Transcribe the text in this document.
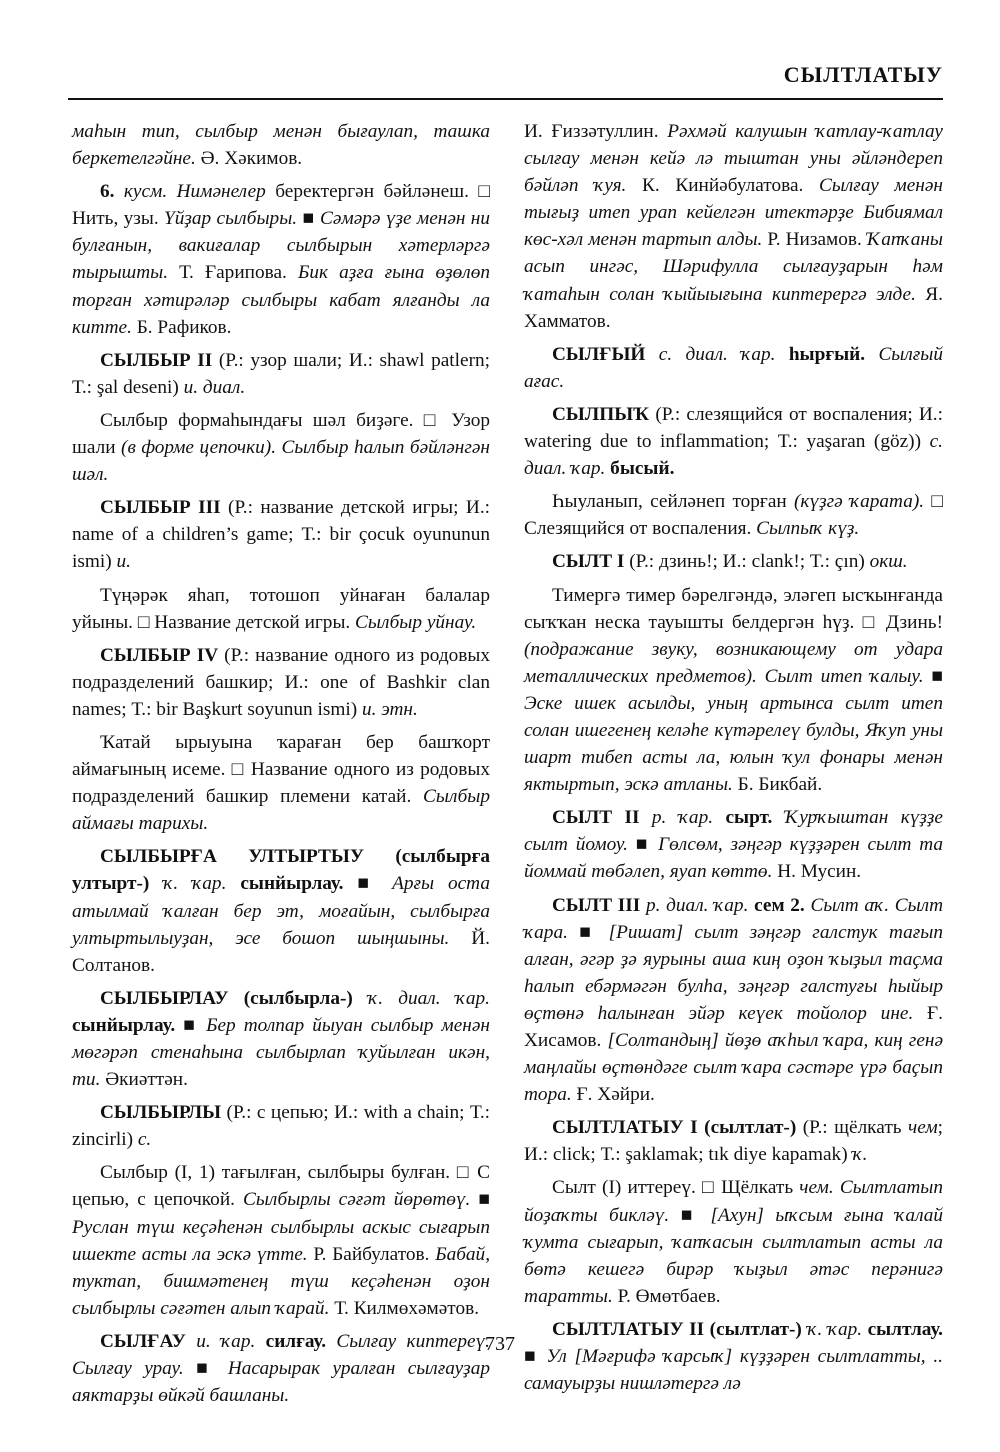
СЫЛТЛАТЫУ

маһын тип, сылбыр менән бығаулап, ташка беркетелгәйне. Ә. Хәкимов.

6. кусм. Нимәнелер беректергән бәйләнеш. □ Нить, узы. Үйҙар сылбыры. ■ Сәмәрә үҙе менән ни булғанын, вакиғалар сылбырын хәтерләргә тырышты. Т. Ғарипова. Бик аҙға ғына өҙөлөп торған хәтирәләр сылбыры кабат ялғанды ла китте. Б. Рафиков.

СЫЛБЫР II (Р.: узор шали; И.: shawl patlern; Т.: şal deseni) и. диал.

Сылбыр формаһындағы шәл биҙәге. □ Узор шали (в форме цепочки). Сылбыр һалып бәйләнгән шәл.

СЫЛБЫР III (Р.: название детской игры; И.: name of a children’s game; Т.: bir çocuk oyununun ismi) и.

Түңәрәк яһап, тотошоп уйнаған балалар уйыны. □ Название детской игры. Сылбыр уйнау.

СЫЛБЫР IV (Р.: название одного из родовых подразделений башкир; И.: one of Bashkir clan names; Т.: bir Başkurt soyunun ismi) и. этн.

Ҡатай ырыуына ҡараған бер башҡорт аймағының исеме. □ Название одного из родовых подразделений башкир племени катай. Сылбыр аймағы тарихы.

СЫЛБЫРҒА УЛТЫРТЫУ (сылбырға ултырт-) ҡ. ҡар. сынйырлау. ■ Арғы оста атылмай ҡалған бер эт, моғайын, сылбырға ултыртылыуҙан, эсе бошоп шыңшыны. Й. Солтанов.

СЫЛБЫРЛАУ (сылбырла-) ҡ. диал. ҡар. сынйырлау. ■ Бер толпар йыуан сылбыр менән мөгәрәп стенаһына сылбырлап ҡуйылған икән, ти. Әкиәттән.

СЫЛБЫРЛЫ (Р.: с цепью; И.: with a chain; Т.: zincirli) с.

Сылбыр (I, 1) тағылған, сылбыры булған. □ С цепью, с цепочкой. Сылбырлы сәғәт йөрөтөү. ■ Руслан түш кеҫәһенән сылбырлы аскыс сығарып ишекте асты ла эскә үтте. Р. Байбулатов. Бабай, туктап, бишмәтенең түш кеҫәһенән оҙон сылбырлы сәғәтен алып ҡарай. Т. Килмөхәмәтов.

СЫЛҒАУ и. ҡар. силғау. Сылғау киптереү. Сылғау урау. ■ Насарырак уралған сылғауҙар аяктарҙы өйкәй башланы.

И. Ғиззәтуллин. Рәхмәй калушын ҡатлау-ҡатлау сылғау менән кейә лә тыштан уны әйләндереп бәйләп ҡуя. К. Кинйәбулатова. Сылғау менән тығыҙ итеп урап кейелгән итектәрҙе Бибиямал көс-хәл менән тартып алды. Р. Низамов. Ҡапҡаны асып ингәс, Шәрифулла сылғауҙарын һәм ҡатаһын солан ҡыйыығына киптерергә элде. Я. Хамматов.

СЫЛҒЫЙ с. диал. ҡар. һырғый. Сылғый ағас.

СЫЛПЫҠ (Р.: слезящийся от воспаления; И.: watering due to inflammation; Т.: yaşaran (göz)) с. диал. ҡар. бысый.

Һыуланып, сейләнеп торған (күҙгә ҡарата). □ Слезящийся от воспаления. Сылпыҡ күҙ.

СЫЛТ I (Р.: дзинь!; И.: clank!; Т.: çın) окш.

Тимергә тимер бәрелгәндә, эләгеп ысҡынғанда сыҡҡан неска тауышты белдергән һүҙ. □ Дзинь! (подражание звуку, возникающему от удара металлических предметов). Сылт итеп ҡалыу. ■ Эске ишек асылды, уның артынса сылт итеп солан ишегенең келәһе күтәрелеү булды, Яҡуп уны шарт тибеп асты ла, юлын ҡул фонары менән яктыртып, эскә атланы. Б. Бикбай.

СЫЛТ II р. ҡар. сырт. Ҡурҡыштан күҙҙе сылт йомоу. ■ Гөлсөм, зәңгәр күҙҙәрен сылт та йоммай төбәлеп, яуап көттө. Н. Мусин.

СЫЛТ III р. диал. ҡар. сем 2. Сылт аҡ. Сылт ҡара. ■ [Ришат] сылт зәңгәр галстук тағып алған, әгәр ҙә яурыны аша киң оҙон ҡыҙыл таҫма һалып ебәрмәгән булһа, зәңгәр галстуғы һыйыр өҫтөнә һалынған эйәр кеүек тойолор ине. Ғ. Хисамов. [Солтандың] йөҙө аҡһыл ҡара, киң генә маңлайы өҫтөндәге сылт ҡара сәстәре үрә баҫып тора. Ғ. Хәйри.

СЫЛТЛАТЫУ I (сылтлат-) (Р.: щёлкать чем; И.: click; Т.: şaklamak; tık diye kapamak) ҡ.

Сылт (I) иттереү. □ Щёлкать чем. Сылтлатып йоҙаҡты бикләү. ■ [Ахун] ыҡсым ғына ҡалай ҡумта сығарып, ҡапҡасын сылтлатып асты ла бөтә кешегә бирәр ҡыҙыл әтәс перәнигә таратты. Р. Өмөтбаев.

СЫЛТЛАТЫУ II (сылтлат-) ҡ. ҡар. сылтлау. ■ Ул [Мәғрифә ҡарсыҡ] күҙҙәрен сылтлатты, .. самауырҙы нишләтергә лә

737
